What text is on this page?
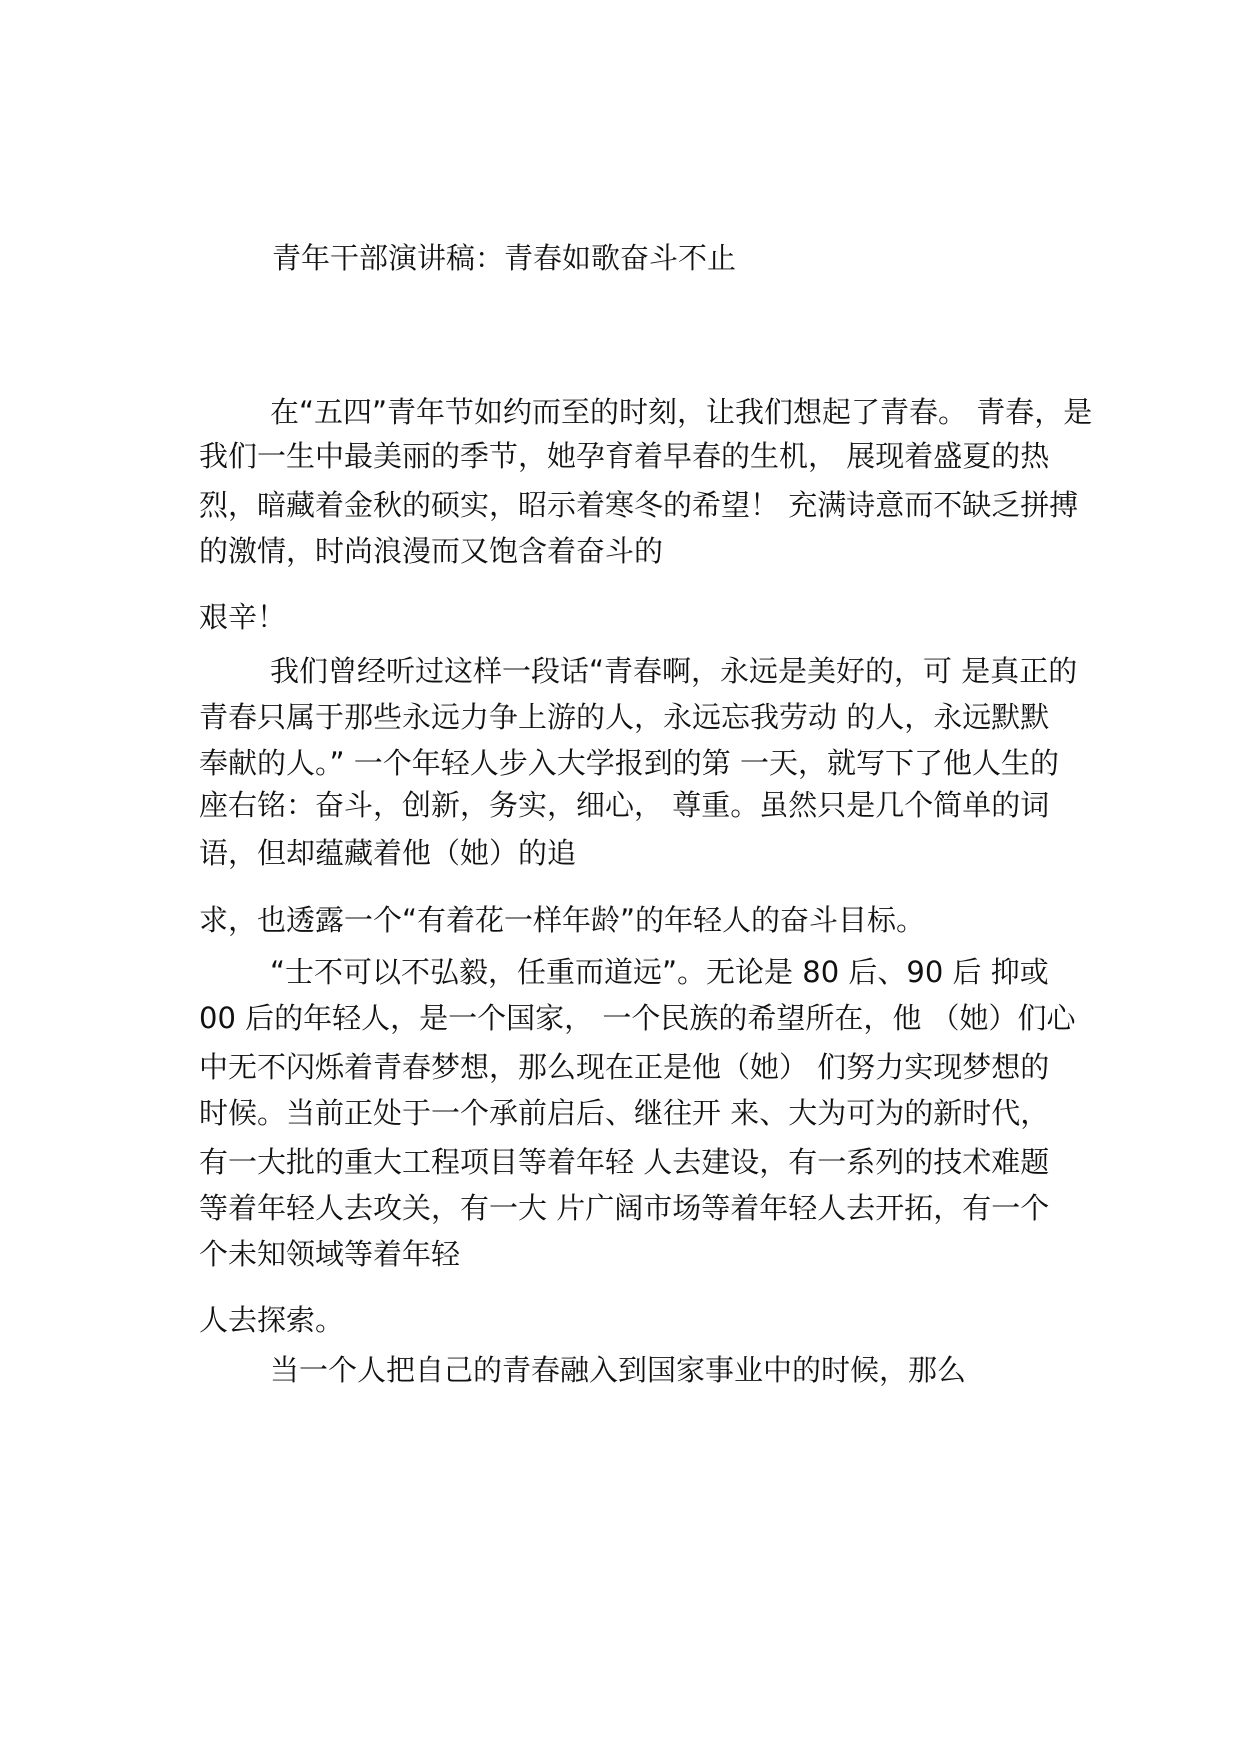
青年干部演讲稿：青春如歌奋斗不止

在“五四”青年节如约而至的时刻，让我们想起了青春。 青春，是

我们一生中最美丽的季节，她孕育着早春的生机， 展现着盛夏的热

烈，暗藏着金秋的硕实，昭示着寒冬的希望！ 充满诗意而不缺乏拼搏

的激情，时尚浪漫而又饱含着奋斗的

艰辛！

我们曾经听过这样一段话“青春啊，永远是美好的，可 是真正的

青春只属于那些永远力争上游的人，永远忘我劳动 的人，永远默默

奉献的人。” 一个年轻人步入大学报到的第 一天，就写下了他人生的

座右铭：奋斗，创新，务实，细心， 尊重。虽然只是几个简单的词

语，但却蕴藏着他（她）的追

求，也透露一个“有着花一样年龄”的年轻人的奋斗目标。

“士不可以不弘毅，任重而道远”。无论是 80 后、90 后 抑或

00 后的年轻人，是一个国家， 一个民族的希望所在，他 （她）们心

中无不闪烁着青春梦想，那么现在正是他（她） 们努力实现梦想的

时候。当前正处于一个承前启后、继往开 来、大为可为的新时代，

有一大批的重大工程项目等着年轻 人去建设，有一系列的技术难题

等着年轻人去攻关，有一大 片广阔市场等着年轻人去开拓，有一个

个未知领域等着年轻

人去探索。

当一个人把自己的青春融入到国家事业中的时候，那么
